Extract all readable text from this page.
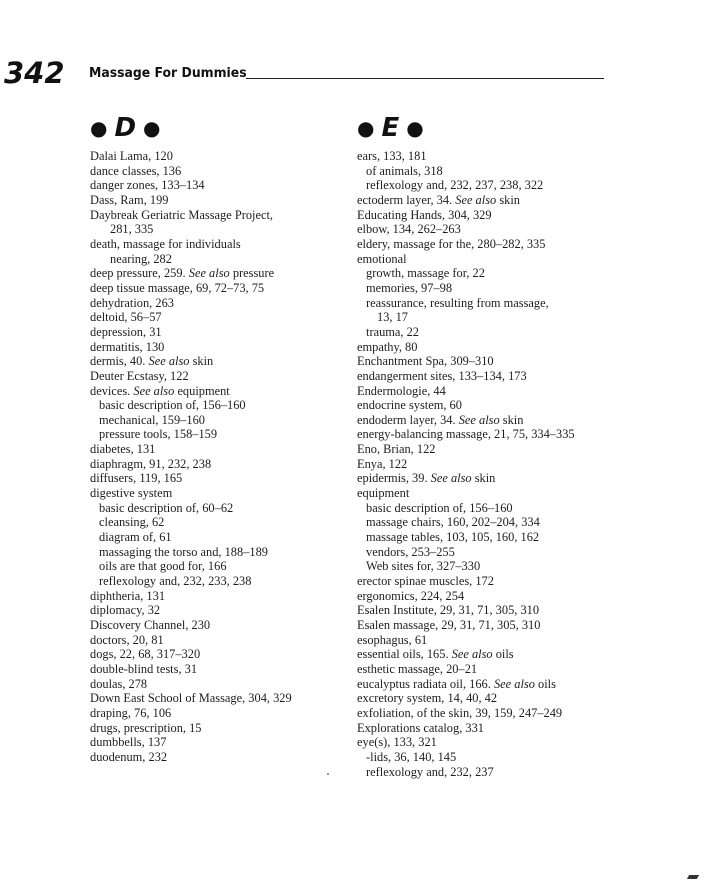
342 Massage For Dummies
● D ●
Dalai Lama, 120
dance classes, 136
danger zones, 133–134
Dass, Ram, 199
Daybreak Geriatric Massage Project,
281, 335
death, massage for individuals
nearing, 282
deep pressure, 259. See also pressure
deep tissue massage, 69, 72–73, 75
dehydration, 263
deltoid, 56–57
depression, 31
dermatitis, 130
dermis, 40. See also skin
Deuter Ecstasy, 122
devices. See also equipment
basic description of, 156–160
mechanical, 159–160
pressure tools, 158–159
diabetes, 131
diaphragm, 91, 232, 238
diffusers, 119, 165
digestive system
basic description of, 60–62
cleansing, 62
diagram of, 61
massaging the torso and, 188–189
oils are that good for, 166
reflexology and, 232, 233, 238
diphtheria, 131
diplomacy, 32
Discovery Channel, 230
doctors, 20, 81
dogs, 22, 68, 317–320
double-blind tests, 31
doulas, 278
Down East School of Massage, 304, 329
draping, 76, 106
drugs, prescription, 15
dumbbells, 137
duodenum, 232
● E ●
ears, 133, 181
of animals, 318
reflexology and, 232, 237, 238, 322
ectoderm layer, 34. See also skin
Educating Hands, 304, 329
elbow, 134, 262–263
eldery, massage for the, 280–282, 335
emotional
growth, massage for, 22
memories, 97–98
reassurance, resulting from massage,
13, 17
trauma, 22
empathy, 80
Enchantment Spa, 309–310
endangerment sites, 133–134, 173
Endermologie, 44
endocrine system, 60
endoderm layer, 34. See also skin
energy-balancing massage, 21, 75, 334–335
Eno, Brian, 122
Enya, 122
epidermis, 39. See also skin
equipment
basic description of, 156–160
massage chairs, 160, 202–204, 334
massage tables, 103, 105, 160, 162
vendors, 253–255
Web sites for, 327–330
erector spinae muscles, 172
ergonomics, 224, 254
Esalen Institute, 29, 31, 71, 305, 310
Esalen massage, 29, 31, 71, 305, 310
esophagus, 61
essential oils, 165. See also oils
esthetic massage, 20–21
eucalyptus radiata oil, 166. See also oils
excretory system, 14, 40, 42
exfoliation, of the skin, 39, 159, 247–249
Explorations catalog, 331
eye(s), 133, 321
-lids, 36, 140, 145
reflexology and, 232, 237
